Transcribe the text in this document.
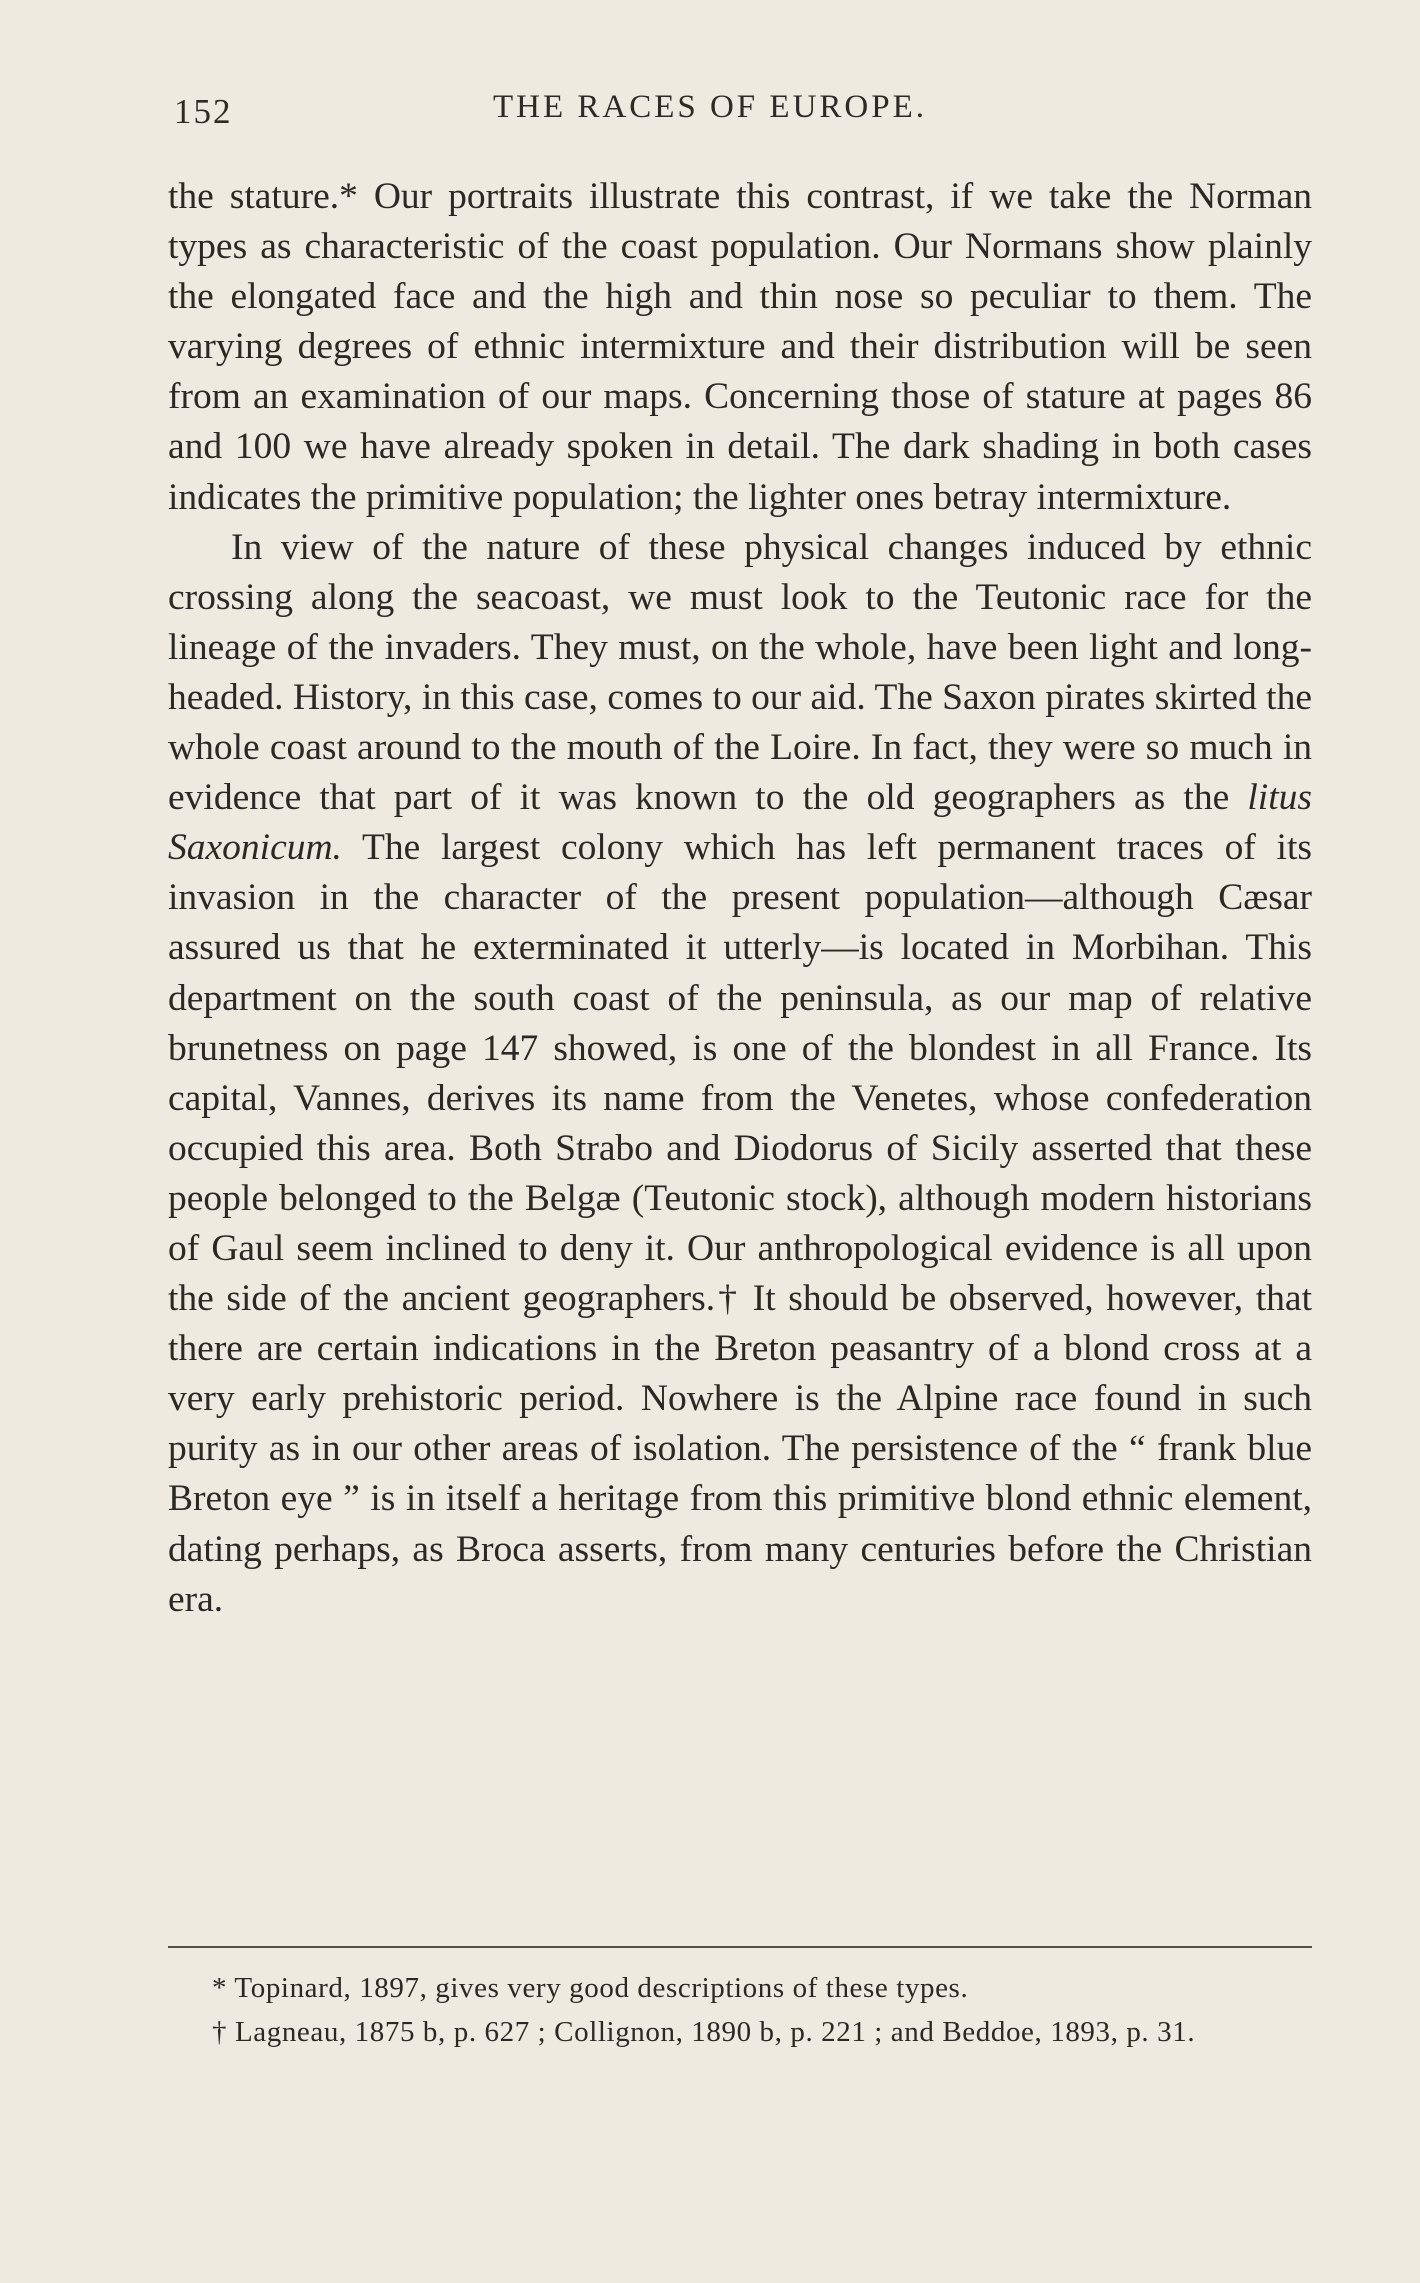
152	THE RACES OF EUROPE.

the stature.* Our portraits illustrate this contrast, if we take the Norman types as characteristic of the coast population. Our Normans show plainly the elongated face and the high and thin nose so peculiar to them. The varying degrees of ethnic intermixture and their distribution will be seen from an examination of our maps. Concerning those of stature at pages 86 and 100 we have already spoken in detail. The dark shading in both cases indicates the primitive population; the lighter ones betray intermixture.

In view of the nature of these physical changes induced by ethnic crossing along the seacoast, we must look to the Teutonic race for the lineage of the invaders. They must, on the whole, have been light and long-headed. History, in this case, comes to our aid. The Saxon pirates skirted the whole coast around to the mouth of the Loire. In fact, they were so much in evidence that part of it was known to the old geographers as the litus Saxonicum. The largest colony which has left permanent traces of its invasion in the character of the present population—although Cæsar assured us that he exterminated it utterly—is located in Morbihan. This department on the south coast of the peninsula, as our map of relative brunetness on page 147 showed, is one of the blondest in all France. Its capital, Vannes, derives its name from the Venetes, whose confederation occupied this area. Both Strabo and Diodorus of Sicily asserted that these people belonged to the Belgæ (Teutonic stock), although modern historians of Gaul seem inclined to deny it. Our anthropological evidence is all upon the side of the ancient geographers.† It should be observed, however, that there are certain indications in the Breton peasantry of a blond cross at a very early prehistoric period. Nowhere is the Alpine race found in such purity as in our other areas of isolation. The persistence of the “ frank blue Breton eye ” is in itself a heritage from this primitive blond ethnic element, dating perhaps, as Broca asserts, from many centuries before the Christian era.

* Topinard, 1897, gives very good descriptions of these types.

† Lagneau, 1875 b, p. 627 ; Collignon, 1890 b, p. 221 ; and Beddoe, 1893, p. 31.
